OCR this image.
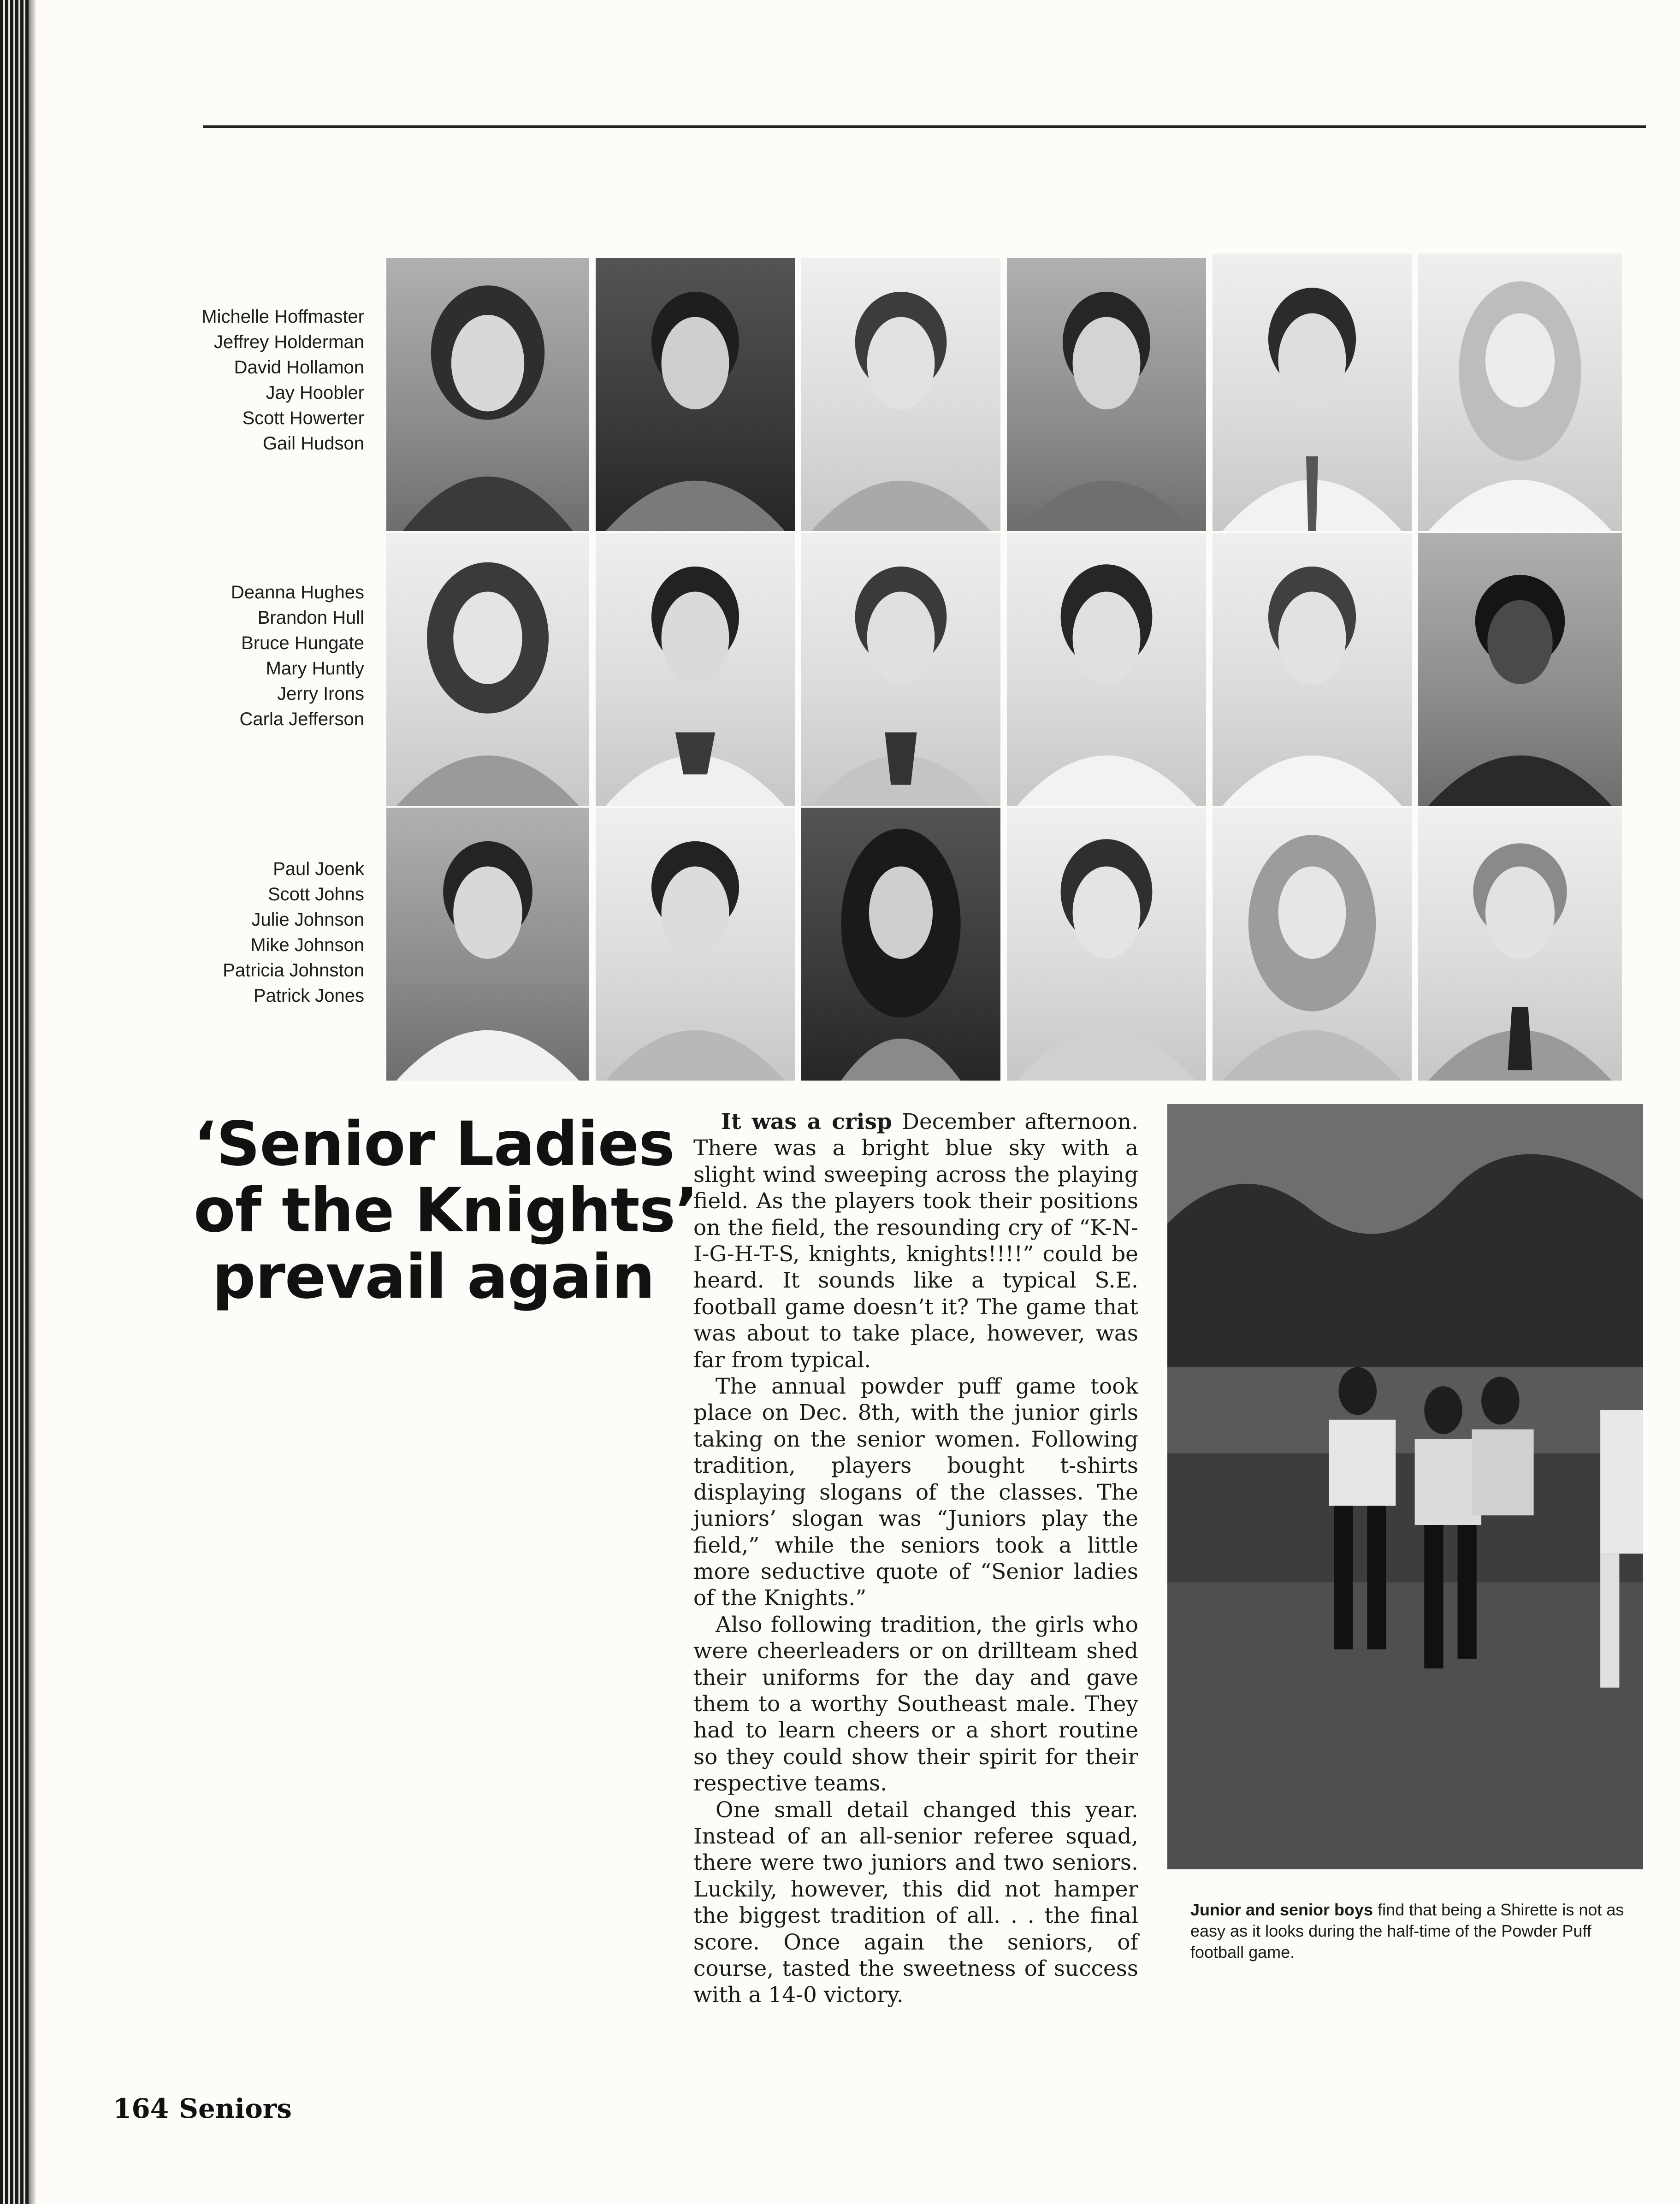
Michelle Hoffmaster
Jeffrey Holderman
David Hollamon
Jay Hoobler
Scott Howerter
Gail Hudson
Deanna Hughes
Brandon Hull
Bruce Hungate
Mary Huntly
Jerry Irons
Carla Jefferson
Paul Joenk
Scott Johns
Julie Johnson
Mike Johnson
Patricia Johnston
Patrick Jones
‘Senior Ladies
of the Knights’
prevail again

It was a crisp December afternoon. There was a bright blue sky with a slight wind sweeping across the playing field. As the players took their positions on the field, the resounding cry of “K-N-I-G-H-T-S, knights, knights!!!!” could be heard. It sounds like a typical S.E. football game doesn’t it? The game that was about to take place, however, was far from typical.

The annual powder puff game took place on Dec. 8th, with the junior girls taking on the senior women. Following tradition, players bought t-shirts displaying slogans of the classes. The juniors’ slogan was “Juniors play the field,” while the seniors took a little more seductive quote of “Senior ladies of the Knights.”

Also following tradition, the girls who were cheerleaders or on drillteam shed their uniforms for the day and gave them to a worthy Southeast male. They had to learn cheers or a short routine so they could show their spirit for their respective teams.

One small detail changed this year. Instead of an all-senior referee squad, there were two juniors and two seniors. Luckily, however, this did not hamper the biggest tradition of all. . . the final score. Once again the seniors, of course, tasted the sweetness of success with a 14-0 victory.

Junior and senior boys find that being a Shirette is not as easy as it looks during the half-time of the Powder Puff football game.
164 Seniors
